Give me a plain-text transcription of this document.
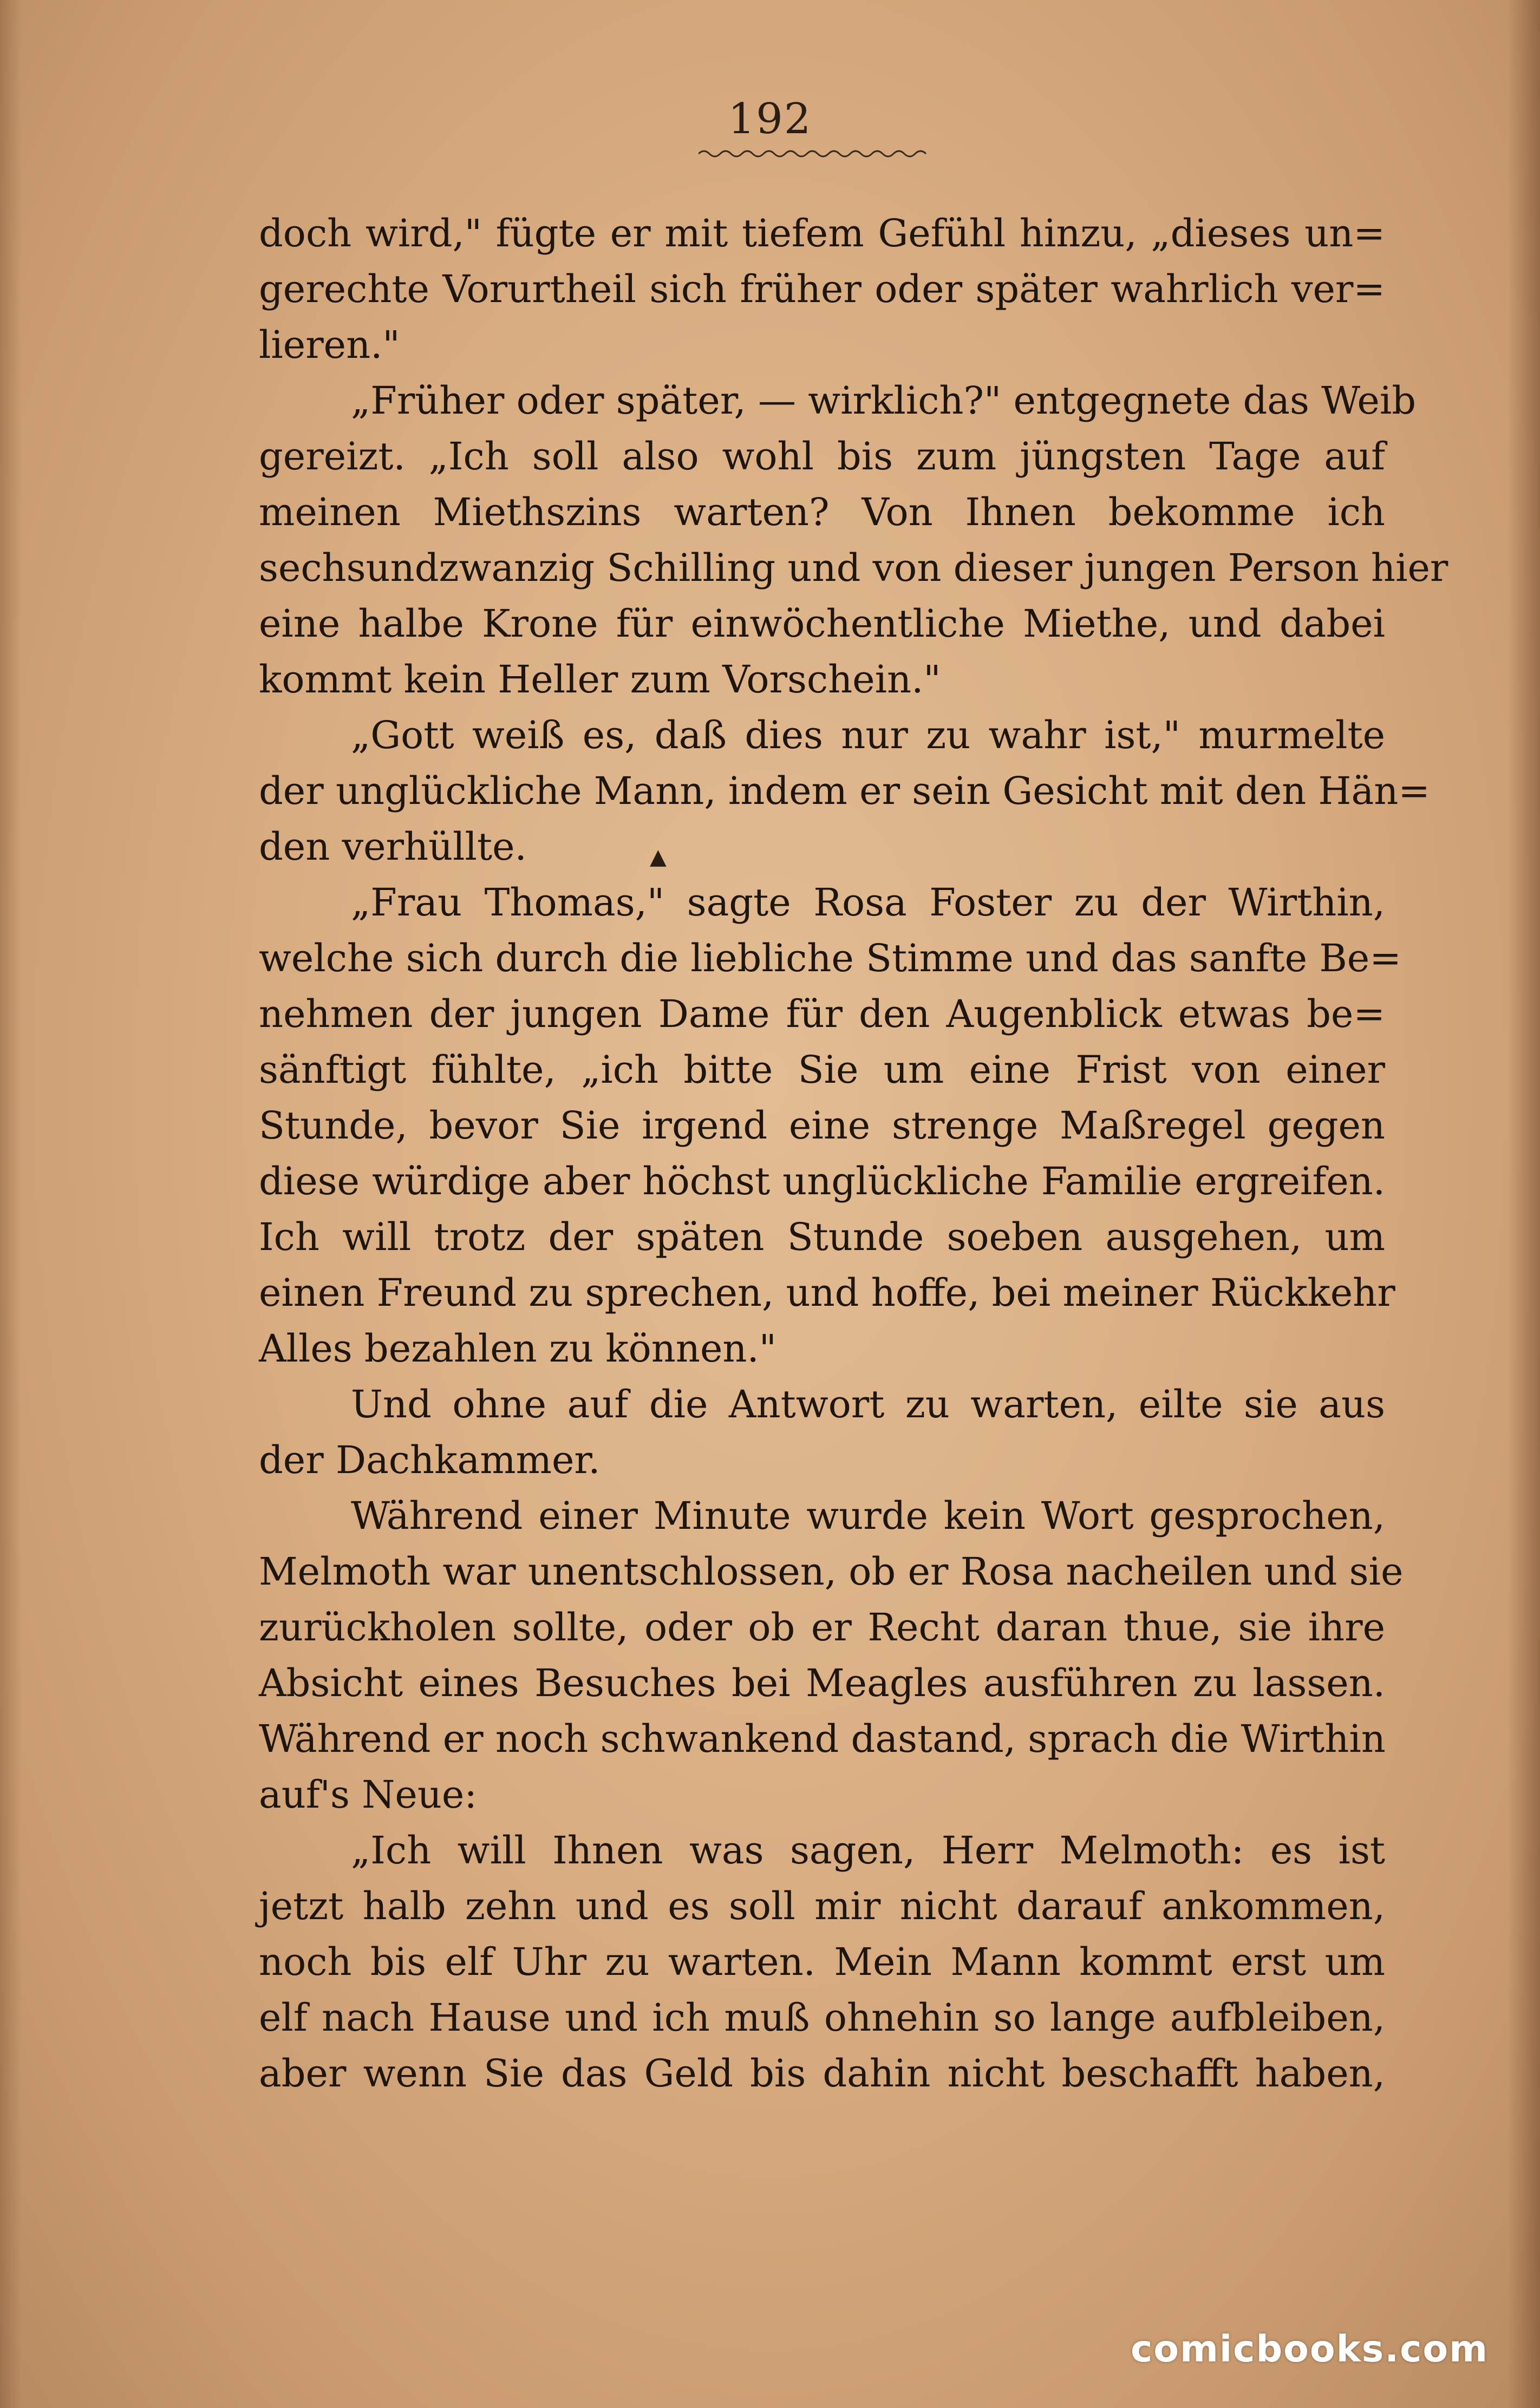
192
doch wird," fügte er mit tiefem Gefühl hinzu, „dieses un=
gerechte Vorurtheil sich früher oder später wahrlich ver=
lieren."
„Früher oder später, — wirklich?" entgegnete das Weib
gereizt. „Ich soll also wohl bis zum jüngsten Tage auf
meinen Miethszins warten? Von Ihnen bekomme ich
sechsundzwanzig Schilling und von dieser jungen Person hier
eine halbe Krone für einwöchentliche Miethe, und dabei
kommt kein Heller zum Vorschein."
„Gott weiß es, daß dies nur zu wahr ist," murmelte
der unglückliche Mann, indem er sein Gesicht mit den Hän=
den verhüllte.
„Frau Thomas," sagte Rosa Foster zu der Wirthin,
welche sich durch die liebliche Stimme und das sanfte Be=
nehmen der jungen Dame für den Augenblick etwas be=
sänftigt fühlte, „ich bitte Sie um eine Frist von einer
Stunde, bevor Sie irgend eine strenge Maßregel gegen
diese würdige aber höchst unglückliche Familie ergreifen.
Ich will trotz der späten Stunde soeben ausgehen, um
einen Freund zu sprechen, und hoffe, bei meiner Rückkehr
Alles bezahlen zu können."
Und ohne auf die Antwort zu warten, eilte sie aus
der Dachkammer.
Während einer Minute wurde kein Wort gesprochen,
Melmoth war unentschlossen, ob er Rosa nacheilen und sie
zurückholen sollte, oder ob er Recht daran thue, sie ihre
Absicht eines Besuches bei Meagles ausführen zu lassen.
Während er noch schwankend dastand, sprach die Wirthin
auf's Neue:
„Ich will Ihnen was sagen, Herr Melmoth: es ist
jetzt halb zehn und es soll mir nicht darauf ankommen,
noch bis elf Uhr zu warten. Mein Mann kommt erst um
elf nach Hause und ich muß ohnehin so lange aufbleiben,
aber wenn Sie das Geld bis dahin nicht beschafft haben,
▲
comicbooks.com
